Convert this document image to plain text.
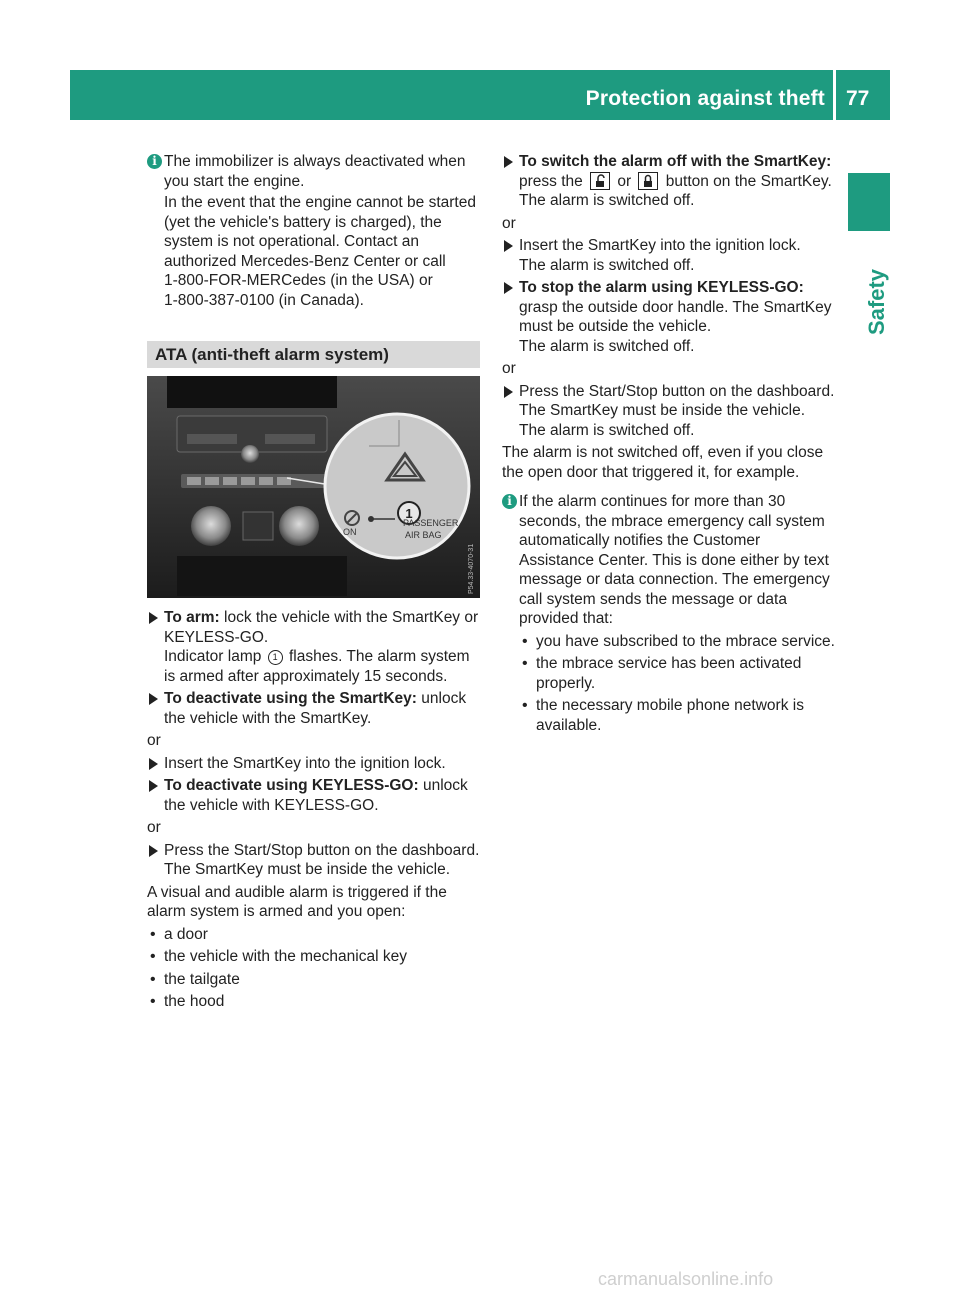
Protection against theft 77
Safety
i The immobilizer is always deactivated when you start the engine.

In the event that the engine cannot be started (yet the vehicle's battery is charged), the system is not operational. Contact an authorized Mercedes-Benz Center or call

1-800-FOR-MERCedes (in the USA) or

1-800-387-0100 (in Canada).

ATA (anti-theft alarm system)
1
ON
PASSENGER
AIR BAG
P54.33-4070-31

To arm: lock the vehicle with the SmartKey or KEYLESS-GO.

Indicator lamp 1 flashes. The alarm system is armed after approximately 15 seconds.

To deactivate using the SmartKey: unlock the vehicle with the SmartKey.

or

Insert the SmartKey into the ignition lock.

To deactivate using KEYLESS-GO: unlock the vehicle with KEYLESS-GO.

or

Press the Start/Stop button on the dashboard. The SmartKey must be inside the vehicle.

A visual and audible alarm is triggered if the alarm system is armed and you open:

• a door
• the vehicle with the mechanical key
• the tailgate
• the hood

To switch the alarm off with the SmartKey: press the  or  button on the SmartKey.

The alarm is switched off.

or

Insert the SmartKey into the ignition lock.

The alarm is switched off.

To stop the alarm using KEYLESS-GO: grasp the outside door handle. The SmartKey must be outside the vehicle.

The alarm is switched off.

or

Press the Start/Stop button on the dashboard. The SmartKey must be inside the vehicle.

The alarm is switched off.

The alarm is not switched off, even if you close the open door that triggered it, for example.

i If the alarm continues for more than 30 seconds, the mbrace emergency call system automatically notifies the Customer Assistance Center. This is done either by text message or data connection. The emergency call system sends the message or data provided that:

• you have subscribed to the mbrace service.
• the mbrace service has been activated properly.
• the necessary mobile phone network is available.
carmanualsonline.info
